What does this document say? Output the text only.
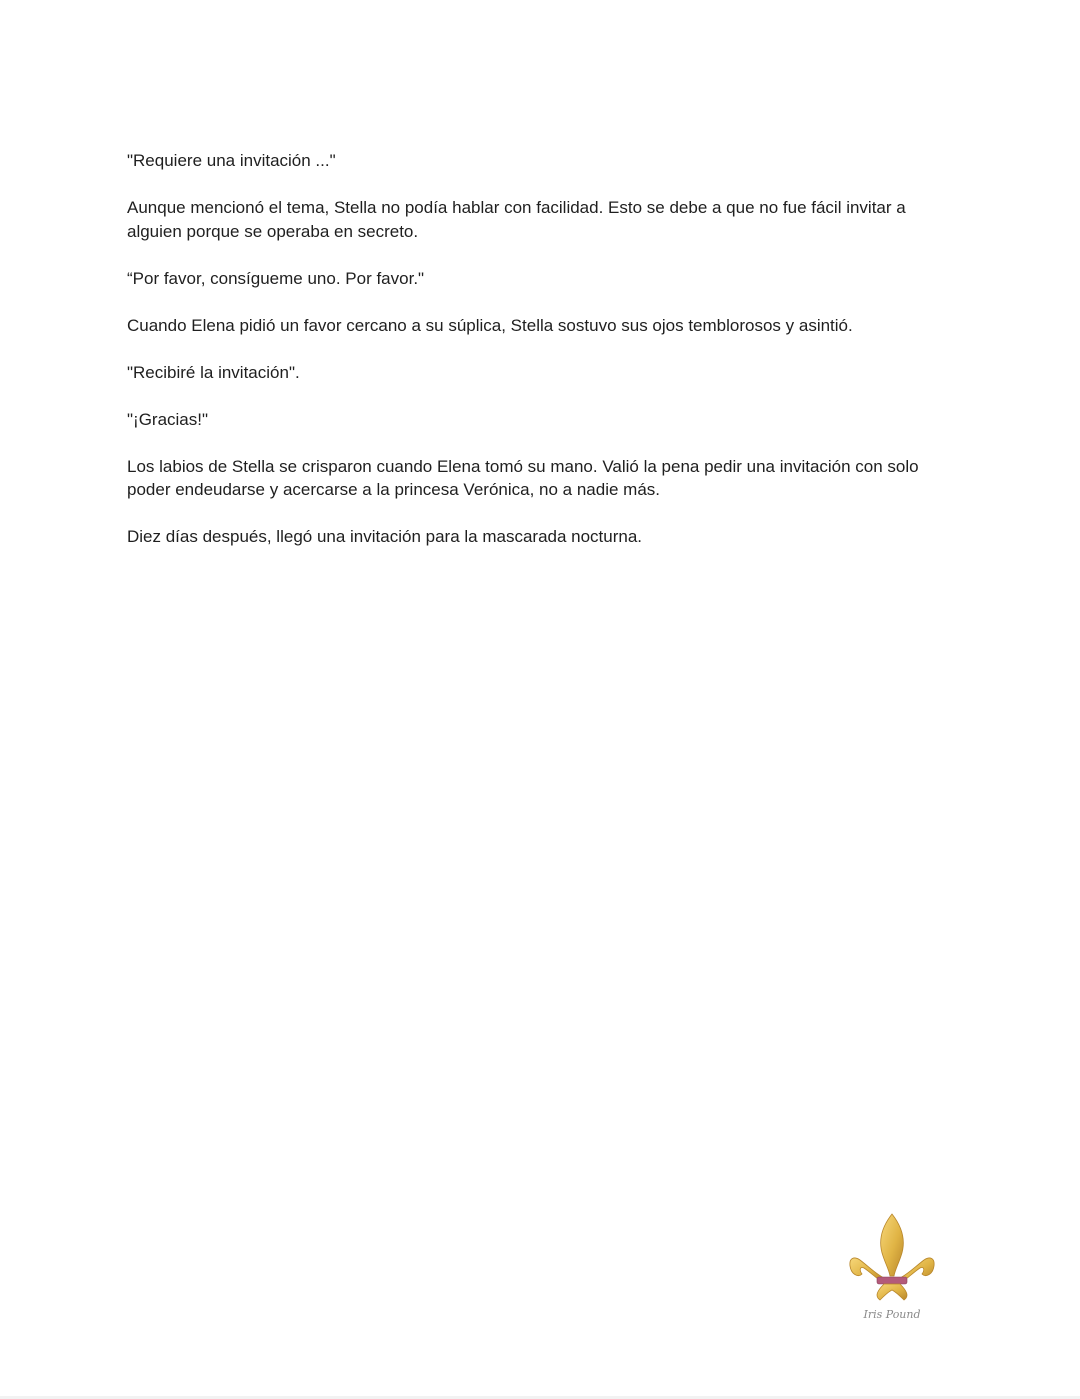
"Requiere una invitación ..."

Aunque mencionó el tema, Stella no podía hablar con facilidad. Esto se debe a que no fue fácil invitar a alguien porque se operaba en secreto.

“Por favor, consígueme uno. Por favor."

Cuando Elena pidió un favor cercano a su súplica, Stella sostuvo sus ojos temblorosos y asintió.

"Recibiré la invitación".

"¡Gracias!"

Los labios de Stella se crisparon cuando Elena tomó su mano. Valió la pena pedir una invitación con solo poder endeudarse y acercarse a la princesa Verónica, no a nadie más.

Diez días después, llegó una invitación para la mascarada nocturna.

Iris Pound
